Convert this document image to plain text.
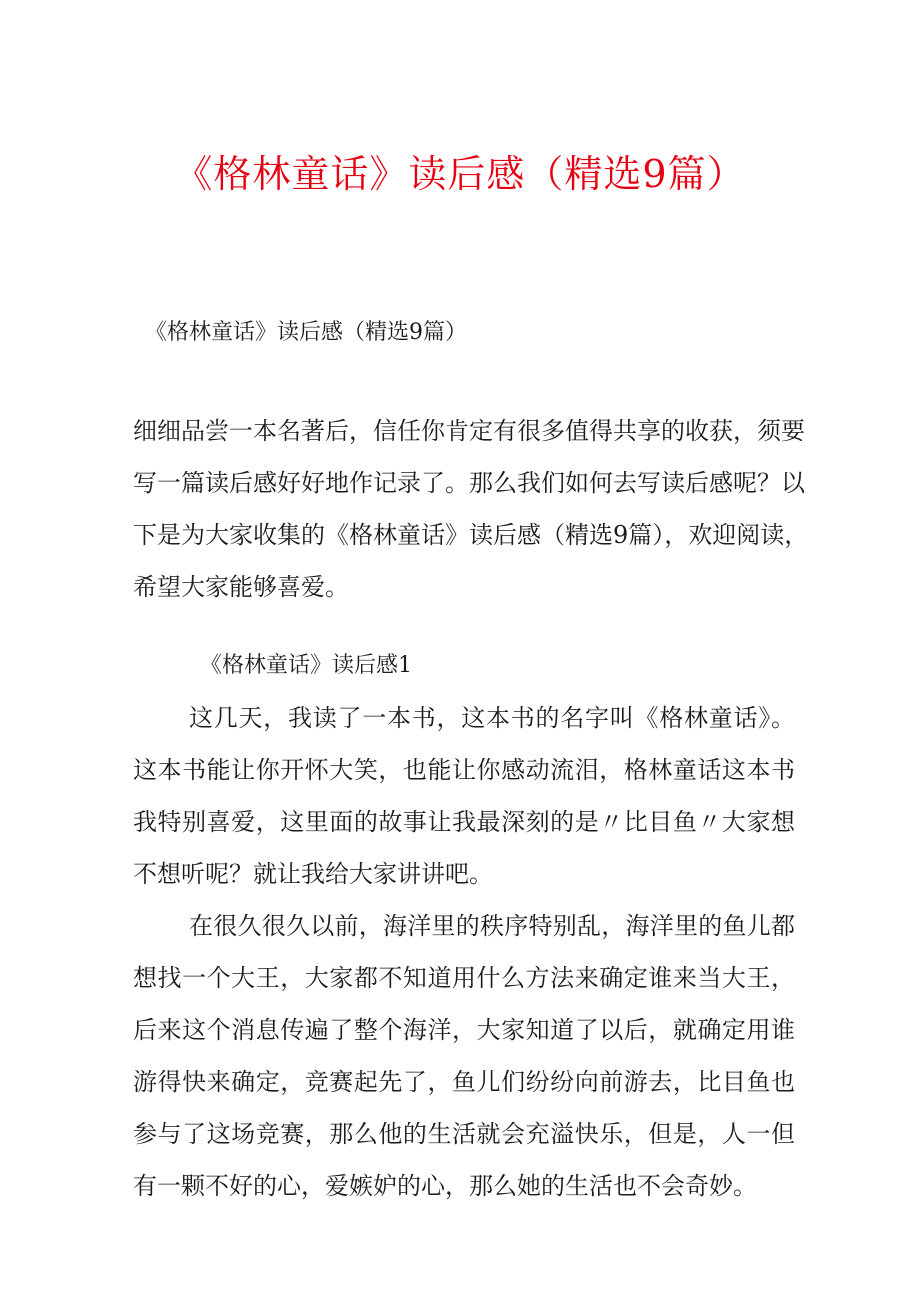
《格林童话》读后感（精选9篇）

《格林童话》读后感（精选9篇）

细细品尝一本名著后，信任你肯定有很多值得共享的收获，须要写一篇读后感好好地作记录了。那么我们如何去写读后感呢？以下是为大家收集的《格林童话》读后感（精选9篇），欢迎阅读，希望大家能够喜爱。

《格林童话》读后感1

这几天，我读了一本书，这本书的名字叫《格林童话》。这本书能让你开怀大笑，也能让你感动流泪，格林童话这本书我特别喜爱，这里面的故事让我最深刻的是〃比目鱼〃大家想不想听呢？就让我给大家讲讲吧。

在很久很久以前，海洋里的秩序特别乱，海洋里的鱼儿都想找一个大王，大家都不知道用什么方法来确定谁来当大王，后来这个消息传遍了整个海洋，大家知道了以后，就确定用谁游得快来确定，竞赛起先了，鱼儿们纷纷向前游去，比目鱼也参与了这场竞赛，那么他的生活就会充溢快乐，但是，人一但有一颗不好的心，爱嫉妒的心，那么她的生活也不会奇妙。
